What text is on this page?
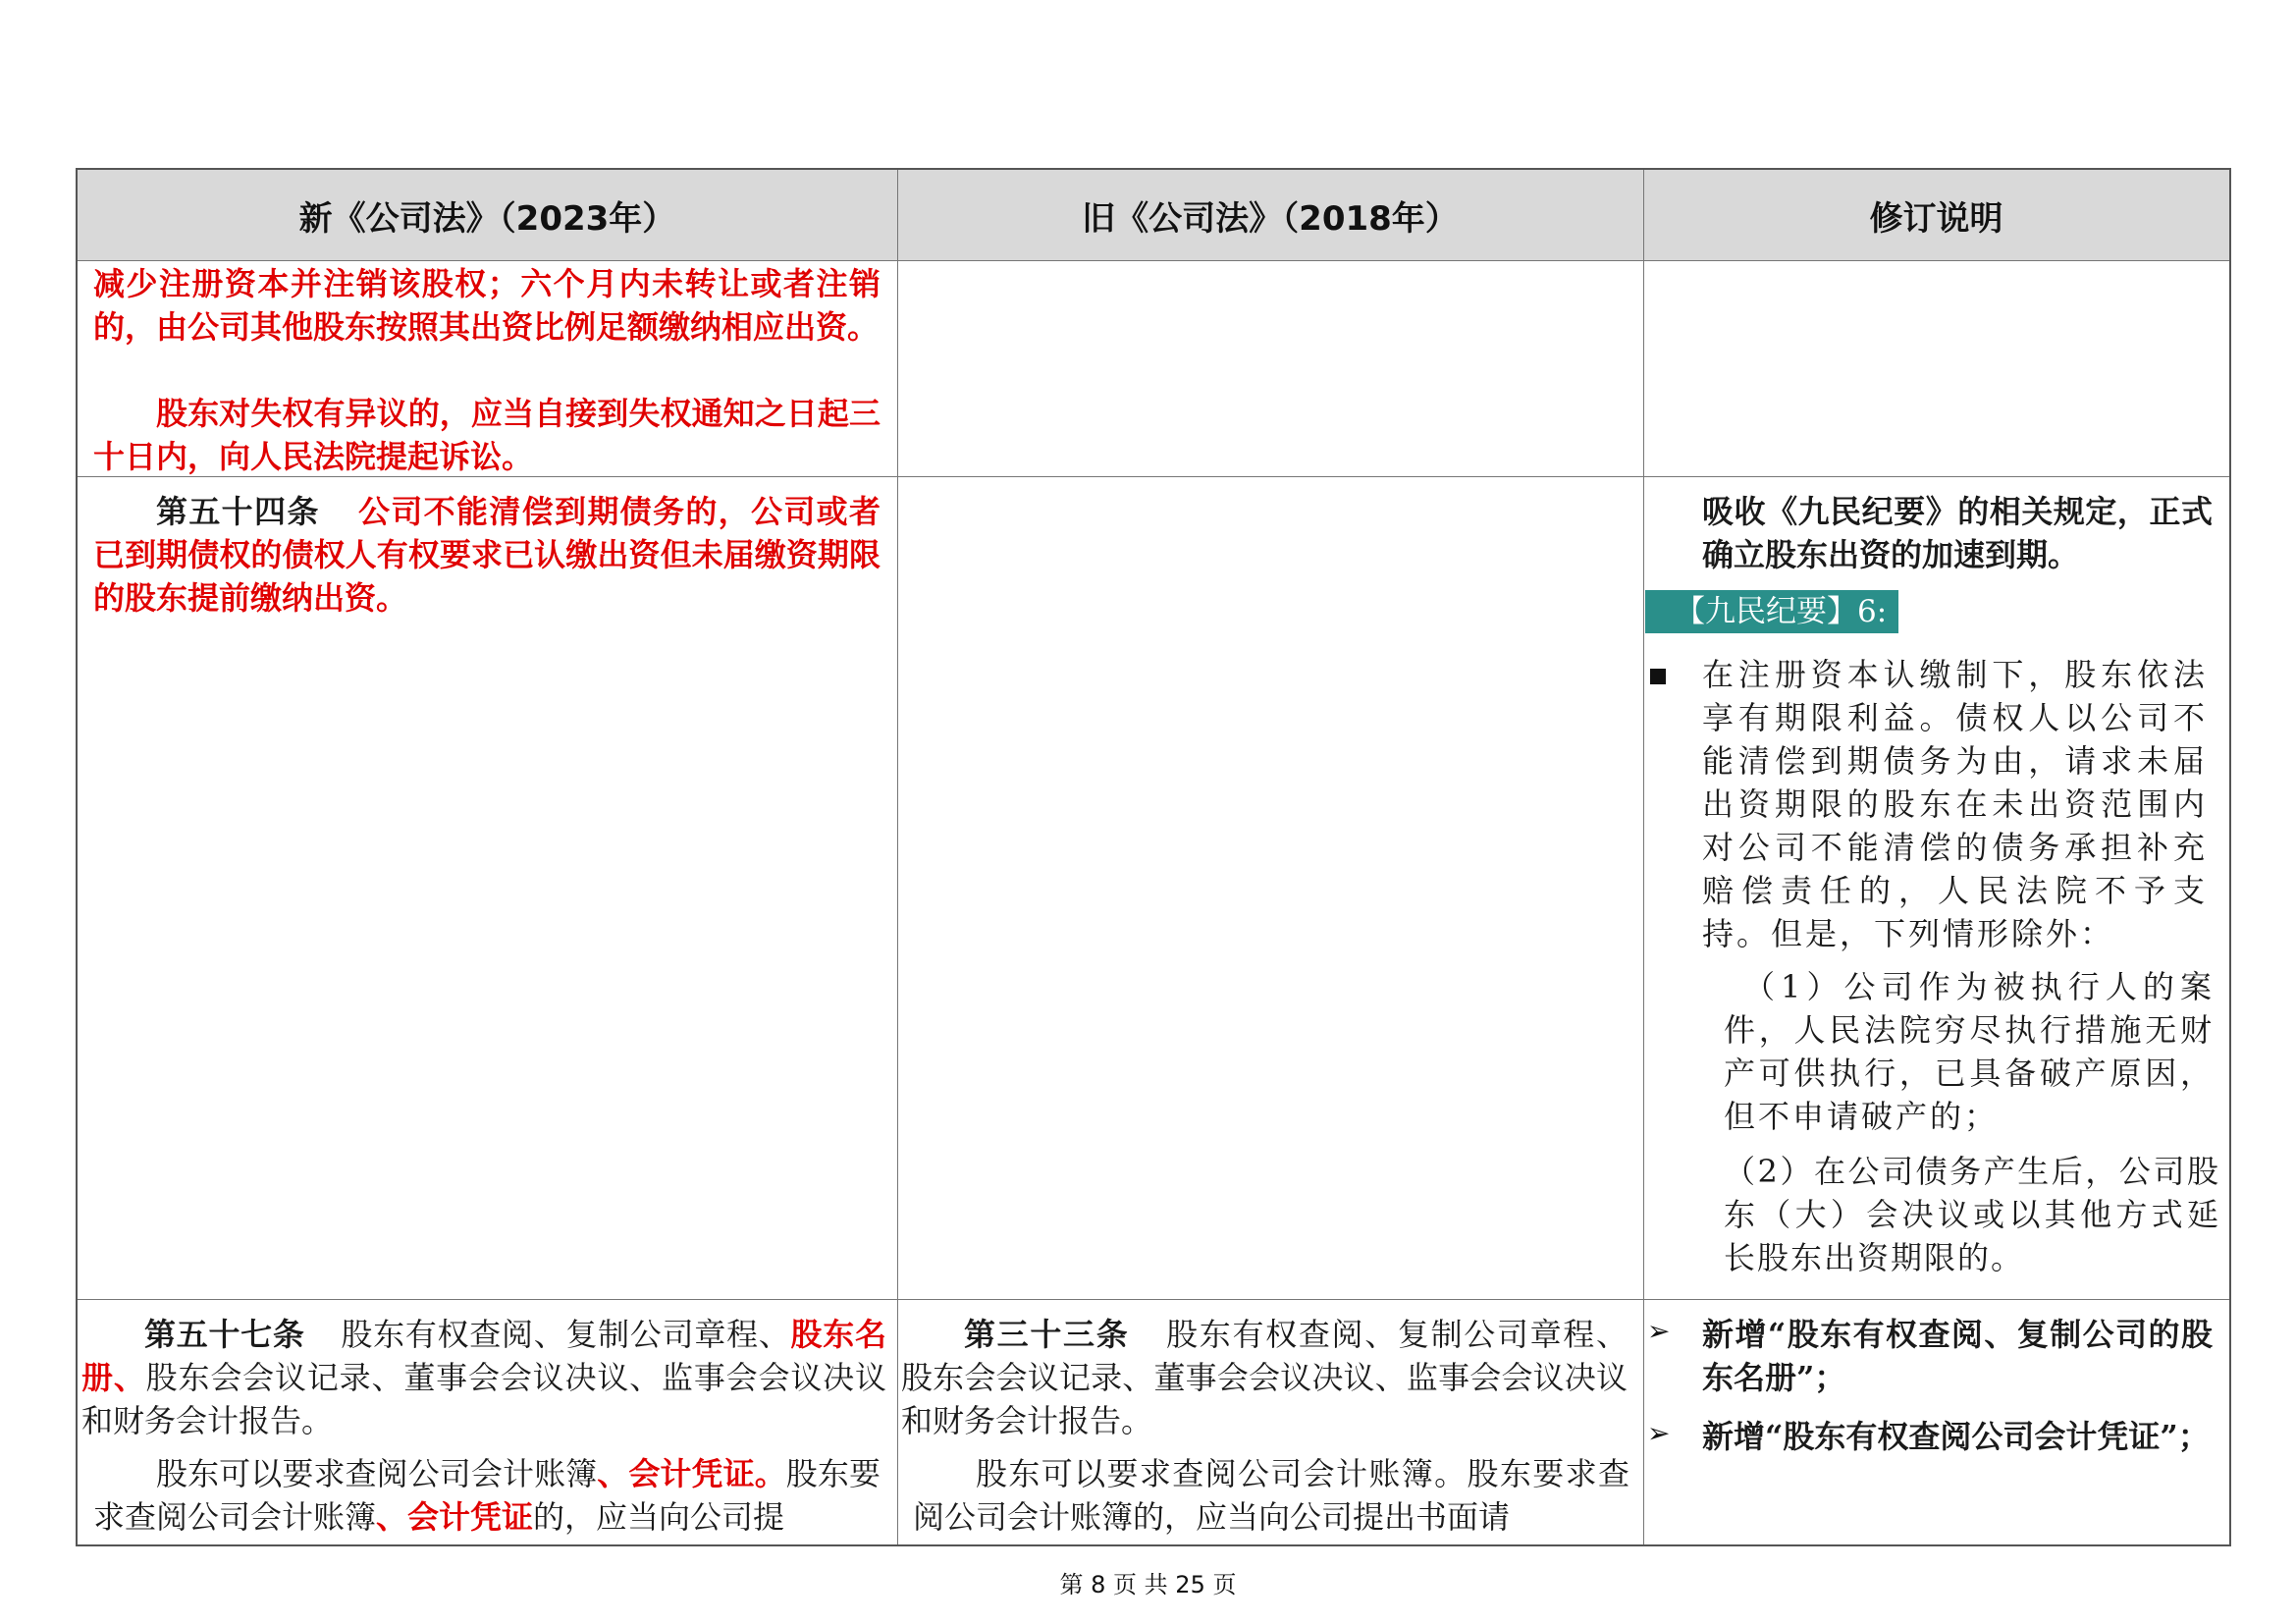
新《公司法》（2023年）	旧《公司法》（2018年）	修订说明

减少注册资本并注销该股权；六个月内未转让或者注销的，由公司其他股东按照其出资比例足额缴纳相应出资。

股东对失权有异议的，应当自接到失权通知之日起三十日内，向人民法院提起诉讼。

第五十四条 公司不能清偿到期债务的，公司或者已到期债权的债权人有权要求已认缴出资但未届缴资期限的股东提前缴纳出资。

吸收《九民纪要》的相关规定，正式确立股东出资的加速到期。

【九民纪要】6:

在注册资本认缴制下，股东依法享有期限利益。债权人以公司不能清偿到期债务为由，请求未届出资期限的股东在未出资范围内对公司不能清偿的债务承担补充赔偿责任的，人民法院不予支持。但是，下列情形除外：

（1）公司作为被执行人的案件，人民法院穷尽执行措施无财产可供执行，已具备破产原因，但不申请破产的；

（2）在公司债务产生后，公司股东（大）会决议或以其他方式延长股东出资期限的。

第五十七条 股东有权查阅、复制公司章程、股东名册、股东会会议记录、董事会会议决议、监事会会议决议和财务会计报告。

股东可以要求查阅公司会计账簿、会计凭证。股东要求查阅公司会计账簿、会计凭证的，应当向公司提

第三十三条 股东有权查阅、复制公司章程、股东会会议记录、董事会会议决议、监事会会议决议和财务会计报告。

股东可以要求查阅公司会计账簿。股东要求查阅公司会计账簿的，应当向公司提出书面请

➢ 新增“股东有权查阅、复制公司的股东名册”；

➢ 新增“股东有权查阅公司会计凭证”；

第 8 页 共 25 页
